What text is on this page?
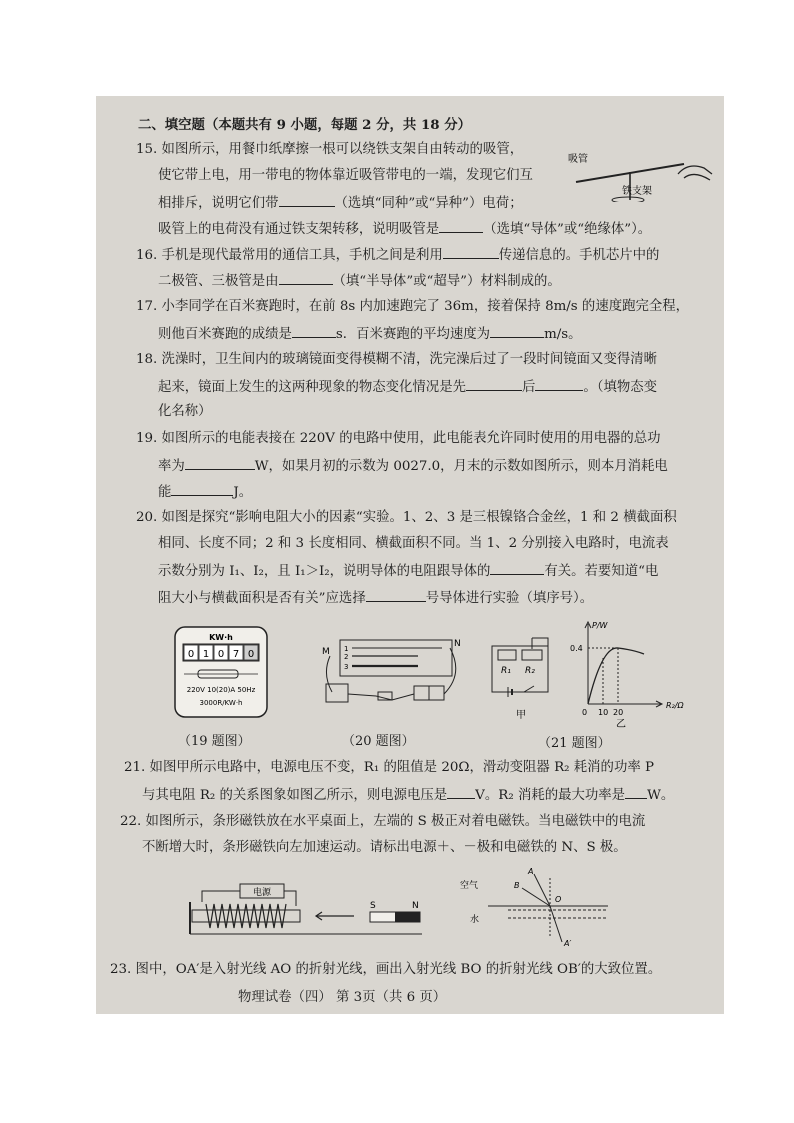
二、填空题（本题共有 9 小题，每题 2 分，共 18 分）
15. 如图所示，用餐巾纸摩擦一根可以绕铁支架自由转动的吸管，
使它带上电，用一带电的物体靠近吸管带电的一端，发现它们互
相排斥，说明它们带	（选填“同种”或“异种”）电荷；
吸管上的电荷没有通过铁支架转移，说明吸管是	（选填“导体”或“绝缘体”）。
吸管
铁支架
16. 手机是现代最常用的通信工具，手机之间是利用	传递信息的。手机芯片中的
二极管、三极管是由	（填“半导体”或“超导”）材料制成的。
17. 小李同学在百米赛跑时，在前 8s 内加速跑完了 36m，接着保持 8m/s 的速度跑完全程，
则他百米赛跑的成绩是	s．百米赛跑的平均速度为	m/s。
18. 洗澡时，卫生间内的玻璃镜面变得模糊不清，洗完澡后过了一段时间镜面又变得清晰
起来，镜面上发生的这两种现象的物态变化情况是先	后	。（填物态变
化名称）
19. 如图所示的电能表接在 220V 的电路中使用，此电能表允许同时使用的用电器的总功
率为	W，如果月初的示数为 0027.0，月末的示数如图所示，则本月消耗电
能	J。
20. 如图是探究“影响电阻大小的因素“实验。1、2、3 是三根镍铬合金丝，1 和 2 横截面积
相同、长度不同；2 和 3 长度相同、横截面积不同。当 1、2 分别接入电路时，电流表
示数分别为 I₁、I₂，且 I₁＞I₂，说明导体的电阻跟导体的	有关。若要知道“电
阻大小与横截面积是否有关”应选择	号导体进行实验（填序号）。
KW·h
0 1 0 7 0
220V 10(20)A 50Hz
3000R/KW·h
1
2
3
M
N
R₁ R₂
甲
P/W
R₂/Ω
0.4
0 10 20
乙
（19 题图）	（20 题图）	（21 题图）
21. 如图甲所示电路中，电源电压不变，R₁ 的阻值是 20Ω，滑动变阻器 R₂ 耗消的功率 P
与其电阻 R₂ 的关系图象如图乙所示，则电源电压是 V。R₂ 消耗的最大功率是 W。
22. 如图所示，条形磁铁放在水平桌面上，左端的 S 极正对着电磁铁。当电磁铁中的电流
不断增大时，条形磁铁向左加速运动。请标出电源＋、－极和电磁铁的 N、S 极。
电源
S	N
空气
水
A
B
O
A′
23. 图中，OA′是入射光线 AO 的折射光线，画出入射光线 BO 的折射光线 OB′的大致位置。
物理试卷（四） 第 3页（共 6 页）
